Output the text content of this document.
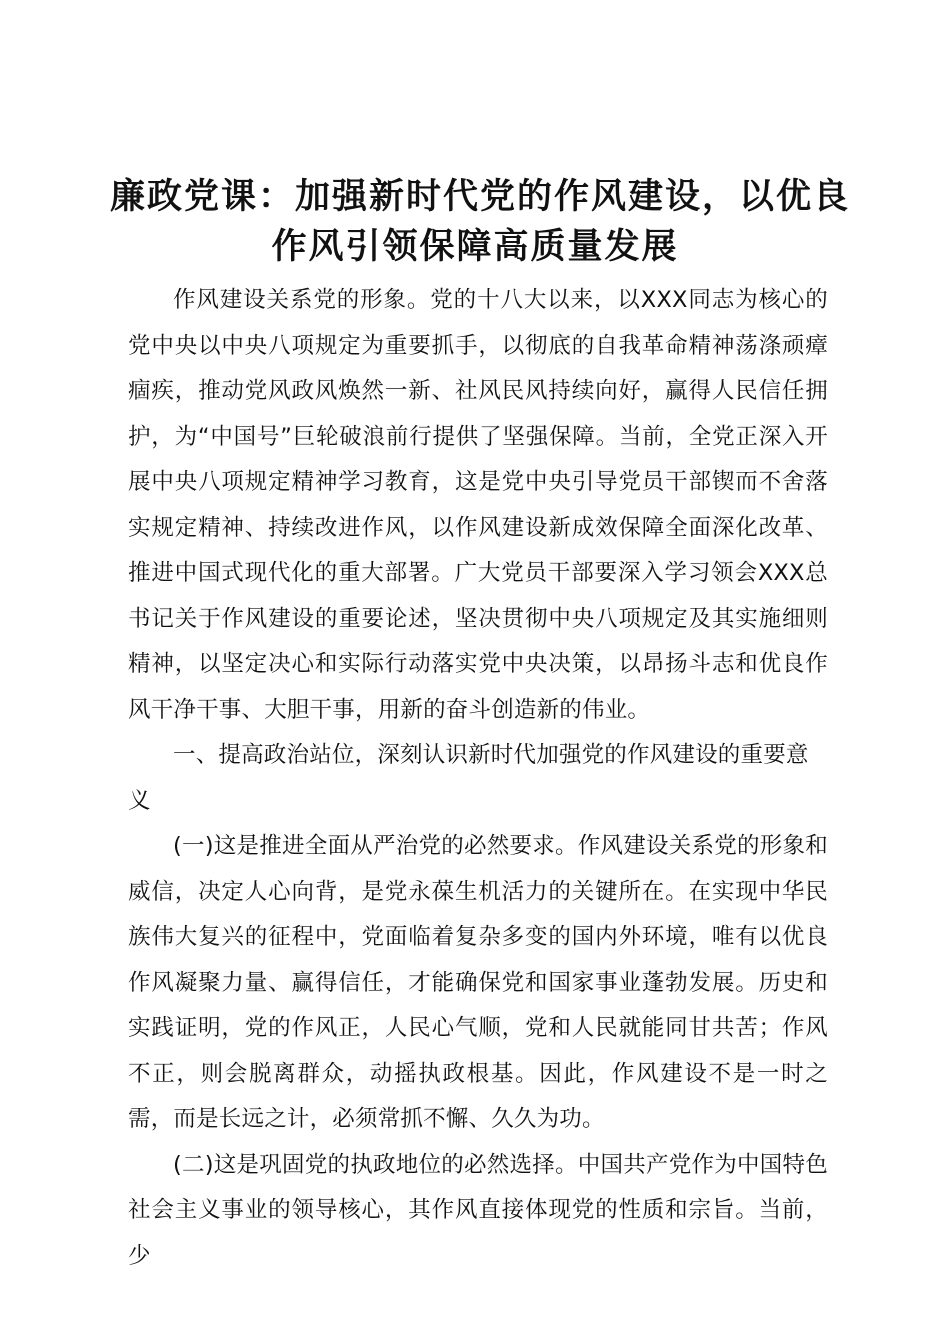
廉政党课：加强新时代党的作风建设，以优良
作风引领保障高质量发展

作风建设关系党的形象。党的十八大以来，以XXX同志为核心的党中央以中央八项规定为重要抓手，以彻底的自我革命精神荡涤顽瘴痼疾，推动党风政风焕然一新、社风民风持续向好，赢得人民信任拥护，为“中国号”巨轮破浪前行提供了坚强保障。当前，全党正深入开展中央八项规定精神学习教育，这是党中央引导党员干部锲而不舍落实规定精神、持续改进作风，以作风建设新成效保障全面深化改革、推进中国式现代化的重大部署。广大党员干部要深入学习领会XXX总书记关于作风建设的重要论述，坚决贯彻中央八项规定及其实施细则精神，以坚定决心和实际行动落实党中央决策，以昂扬斗志和优良作风干净干事、大胆干事，用新的奋斗创造新的伟业。

一、提高政治站位，深刻认识新时代加强党的作风建设的重要意义

(一)这是推进全面从严治党的必然要求。作风建设关系党的形象和威信，决定人心向背，是党永葆生机活力的关键所在。在实现中华民族伟大复兴的征程中，党面临着复杂多变的国内外环境，唯有以优良作风凝聚力量、赢得信任，才能确保党和国家事业蓬勃发展。历史和实践证明，党的作风正，人民心气顺，党和人民就能同甘共苦；作风不正，则会脱离群众，动摇执政根基。因此，作风建设不是一时之需，而是长远之计，必须常抓不懈、久久为功。

(二)这是巩固党的执政地位的必然选择。中国共产党作为中国特色社会主义事业的领导核心，其作风直接体现党的性质和宗旨。当前，少
